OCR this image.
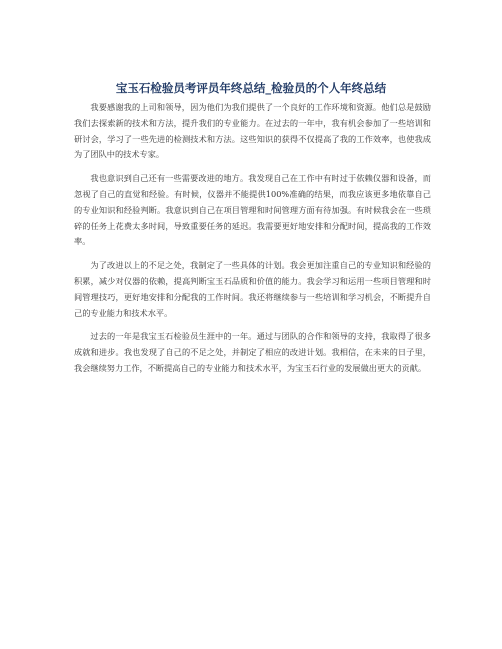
宝玉石检验员考评员年终总结_检验员的个人年终总结

我要感谢我的上司和领导，因为他们为我们提供了一个良好的工作环境和资源。他们总是鼓励我们去探索新的技术和方法，提升我们的专业能力。在过去的一年中，我有机会参加了一些培训和研讨会，学习了一些先进的检测技术和方法。这些知识的获得不仅提高了我的工作效率，也使我成为了团队中的技术专家。

我也意识到自己还有一些需要改进的地方。我发现自己在工作中有时过于依赖仪器和设备，而忽视了自己的直觉和经验。有时候，仪器并不能提供100%准确的结果，而我应该更多地依靠自己的专业知识和经验判断。我意识到自己在项目管理和时间管理方面有待加强。有时候我会在一些琐碎的任务上花费太多时间，导致重要任务的延迟。我需要更好地安排和分配时间，提高我的工作效率。

为了改进以上的不足之处，我制定了一些具体的计划。我会更加注重自己的专业知识和经验的积累，减少对仪器的依赖，提高判断宝玉石品质和价值的能力。我会学习和运用一些项目管理和时间管理技巧，更好地安排和分配我的工作时间。我还将继续参与一些培训和学习机会，不断提升自己的专业能力和技术水平。

过去的一年是我宝玉石检验员生涯中的一年。通过与团队的合作和领导的支持，我取得了很多成就和进步。我也发现了自己的不足之处，并制定了相应的改进计划。我相信，在未来的日子里，我会继续努力工作，不断提高自己的专业能力和技术水平，为宝玉石行业的发展做出更大的贡献。
